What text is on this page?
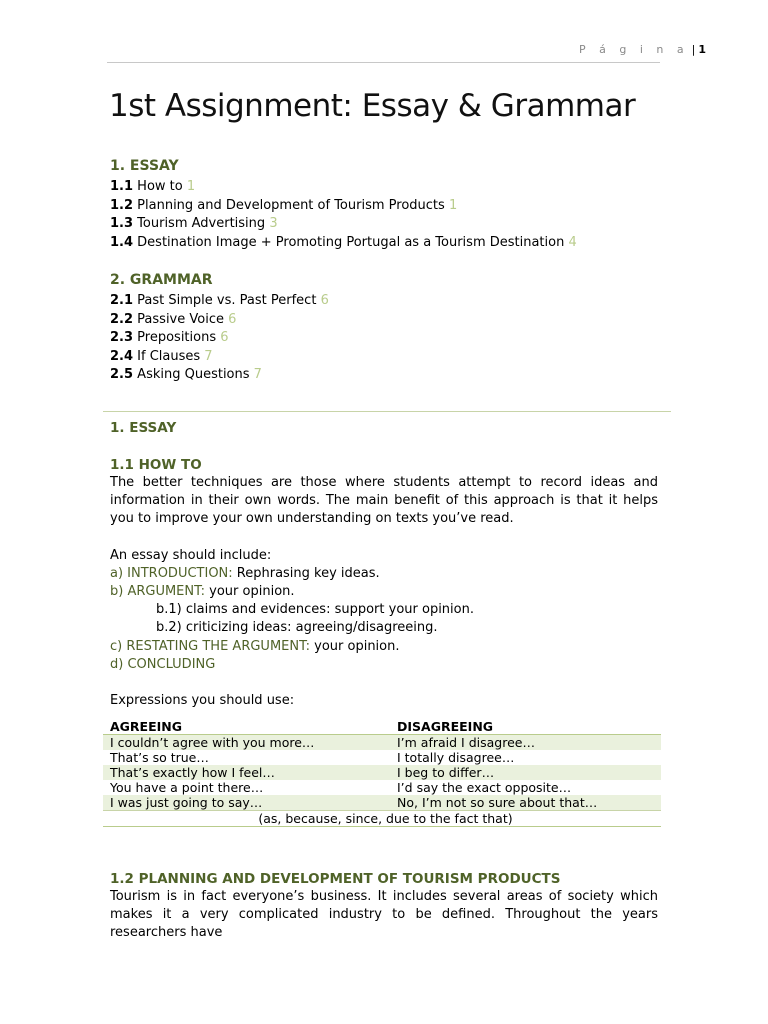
P á g i n a | 1
1st Assignment: Essay & Grammar
1. ESSAY
1.1 How to 1
1.2 Planning and Development of Tourism Products 1
1.3 Tourism Advertising 3
1.4 Destination Image + Promoting Portugal as a Tourism Destination 4
2. GRAMMAR
2.1 Past Simple vs. Past Perfect 6
2.2 Passive Voice 6
2.3 Prepositions 6
2.4 If Clauses 7
2.5 Asking Questions 7
1. ESSAY
1.1 HOW TO

The better techniques are those where students attempt to record ideas and information in their own words. The main benefit of this approach is that it helps you to improve your own understanding on texts you’ve read.

An essay should include:
a) INTRODUCTION: Rephrasing key ideas.
b) ARGUMENT: your opinion.
b.1) claims and evidences: support your opinion.
b.2) criticizing ideas: agreeing/disagreeing.
c) RESTATING THE ARGUMENT: your opinion.
d) CONCLUDING
Expressions you should use:
AGREEING	DISAGREEING
I couldn’t agree with you more…	I’m afraid I disagree…
That’s so true…	I totally disagree…
That’s exactly how I feel…	I beg to differ…
You have a point there…	I’d say the exact opposite…
I was just going to say…	No, I’m not so sure about that…
(as, because, since, due to the fact that)	
1.2 PLANNING AND DEVELOPMENT OF TOURISM PRODUCTS

Tourism is in fact everyone’s business. It includes several areas of society which makes it a very complicated industry to be defined. Throughout the years researchers have
